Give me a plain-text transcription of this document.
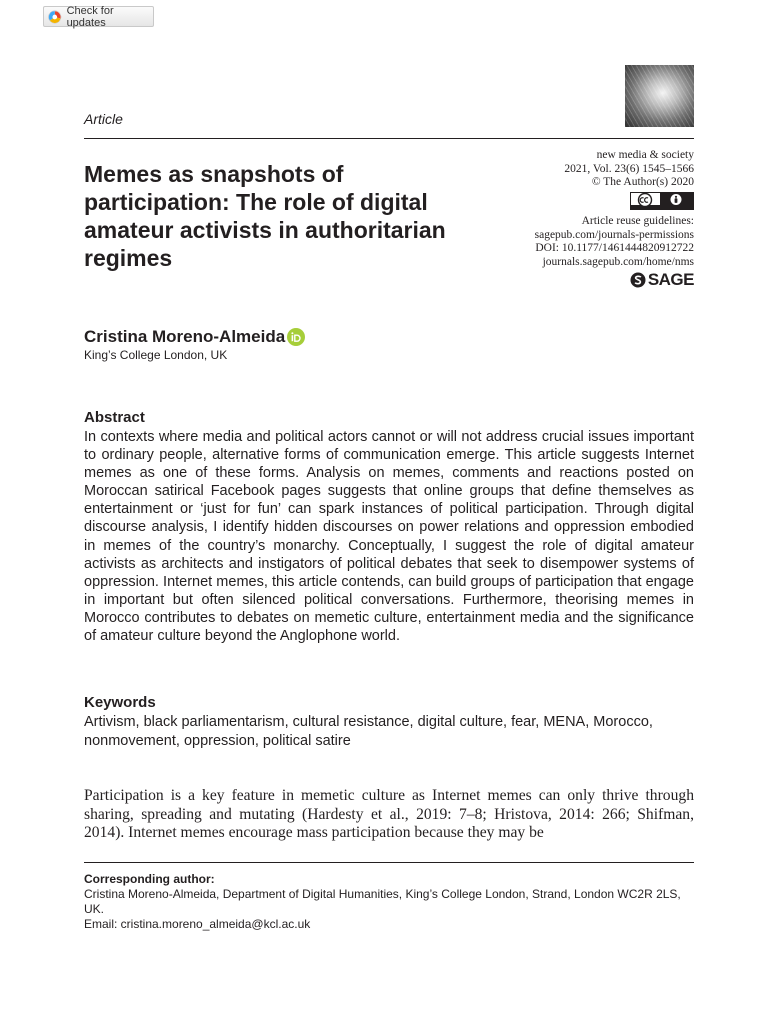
Check for updates
Article
Memes as snapshots of participation: The role of digital amateur activists in authoritarian regimes
new media & society
2021, Vol. 23(6) 1545–1566
© The Author(s) 2020
Article reuse guidelines:
sagepub.com/journals-permissions
DOI: 10.1177/1461444820912722
journals.sagepub.com/home/nms
SAGE
Cristina Moreno-Almeida
King’s College London, UK
Abstract

In contexts where media and political actors cannot or will not address crucial issues important to ordinary people, alternative forms of communication emerge. This article suggests Internet memes as one of these forms. Analysis on memes, comments and reactions posted on Moroccan satirical Facebook pages suggests that online groups that define themselves as entertainment or ‘just for fun’ can spark instances of political participation. Through digital discourse analysis, I identify hidden discourses on power relations and oppression embodied in memes of the country’s monarchy. Conceptually, I suggest the role of digital amateur activists as architects and instigators of political debates that seek to disempower systems of oppression. Internet memes, this article contends, can build groups of participation that engage in important but often silenced political conversations. Furthermore, theorising memes in Morocco contributes to debates on memetic culture, entertainment media and the significance of amateur culture beyond the Anglophone world.

Keywords

Artivism, black parliamentarism, cultural resistance, digital culture, fear, MENA, Morocco, nonmovement, oppression, political satire

Participation is a key feature in memetic culture as Internet memes can only thrive through sharing, spreading and mutating (Hardesty et al., 2019: 7–8; Hristova, 2014: 266; Shifman, 2014). Internet memes encourage mass participation because they may be

Corresponding author:
Cristina Moreno-Almeida, Department of Digital Humanities, King’s College London, Strand, London WC2R 2LS, UK.
Email: cristina.moreno_almeida@kcl.ac.uk
